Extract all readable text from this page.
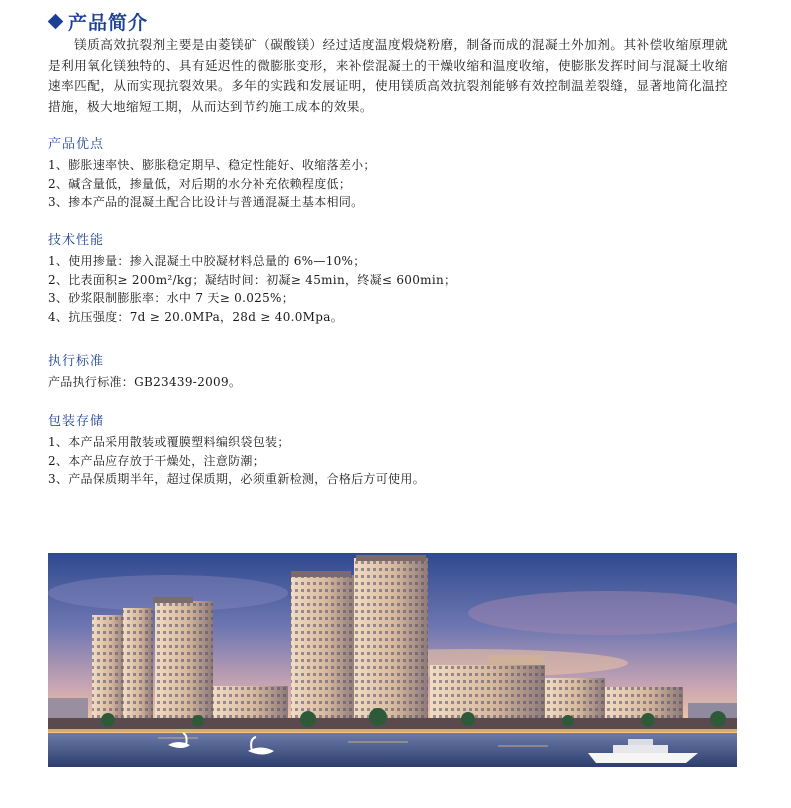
产品简介
镁质高效抗裂剂主要是由菱镁矿（碳酸镁）经过适度温度煅烧粉磨，制备而成的混凝土外加剂。其补偿收缩原理就是利用氧化镁独特的、具有延迟性的微膨胀变形，来补偿混凝土的干燥收缩和温度收缩，使膨胀发挥时间与混凝土收缩速率匹配，从而实现抗裂效果。多年的实践和发展证明，使用镁质高效抗裂剂能够有效控制温差裂缝，显著地简化温控措施，极大地缩短工期，从而达到节约施工成本的效果。
产品优点
1、膨胀速率快、膨胀稳定期早、稳定性能好、收缩落差小；
2、碱含量低，掺量低，对后期的水分补充依赖程度低；
3、掺本产品的混凝土配合比设计与普通混凝土基本相同。
技术性能
1、使用掺量：掺入混凝土中胶凝材料总量的 6%—10%；
2、比表面积≥ 200m²/kg；凝结时间：初凝≥ 45min，终凝≤ 600min；
3、砂浆限制膨胀率：水中 7 天≥ 0.025%；
4、抗压强度：7d ≥ 20.0MPa，28d ≥ 40.0Mpa。
执行标准
产品执行标准：GB23439-2009。
包装存储
1、本产品采用散装或覆膜塑料编织袋包装；
2、本产品应存放于干燥处，注意防潮；
3、产品保质期半年，超过保质期，必须重新检测，合格后方可使用。
